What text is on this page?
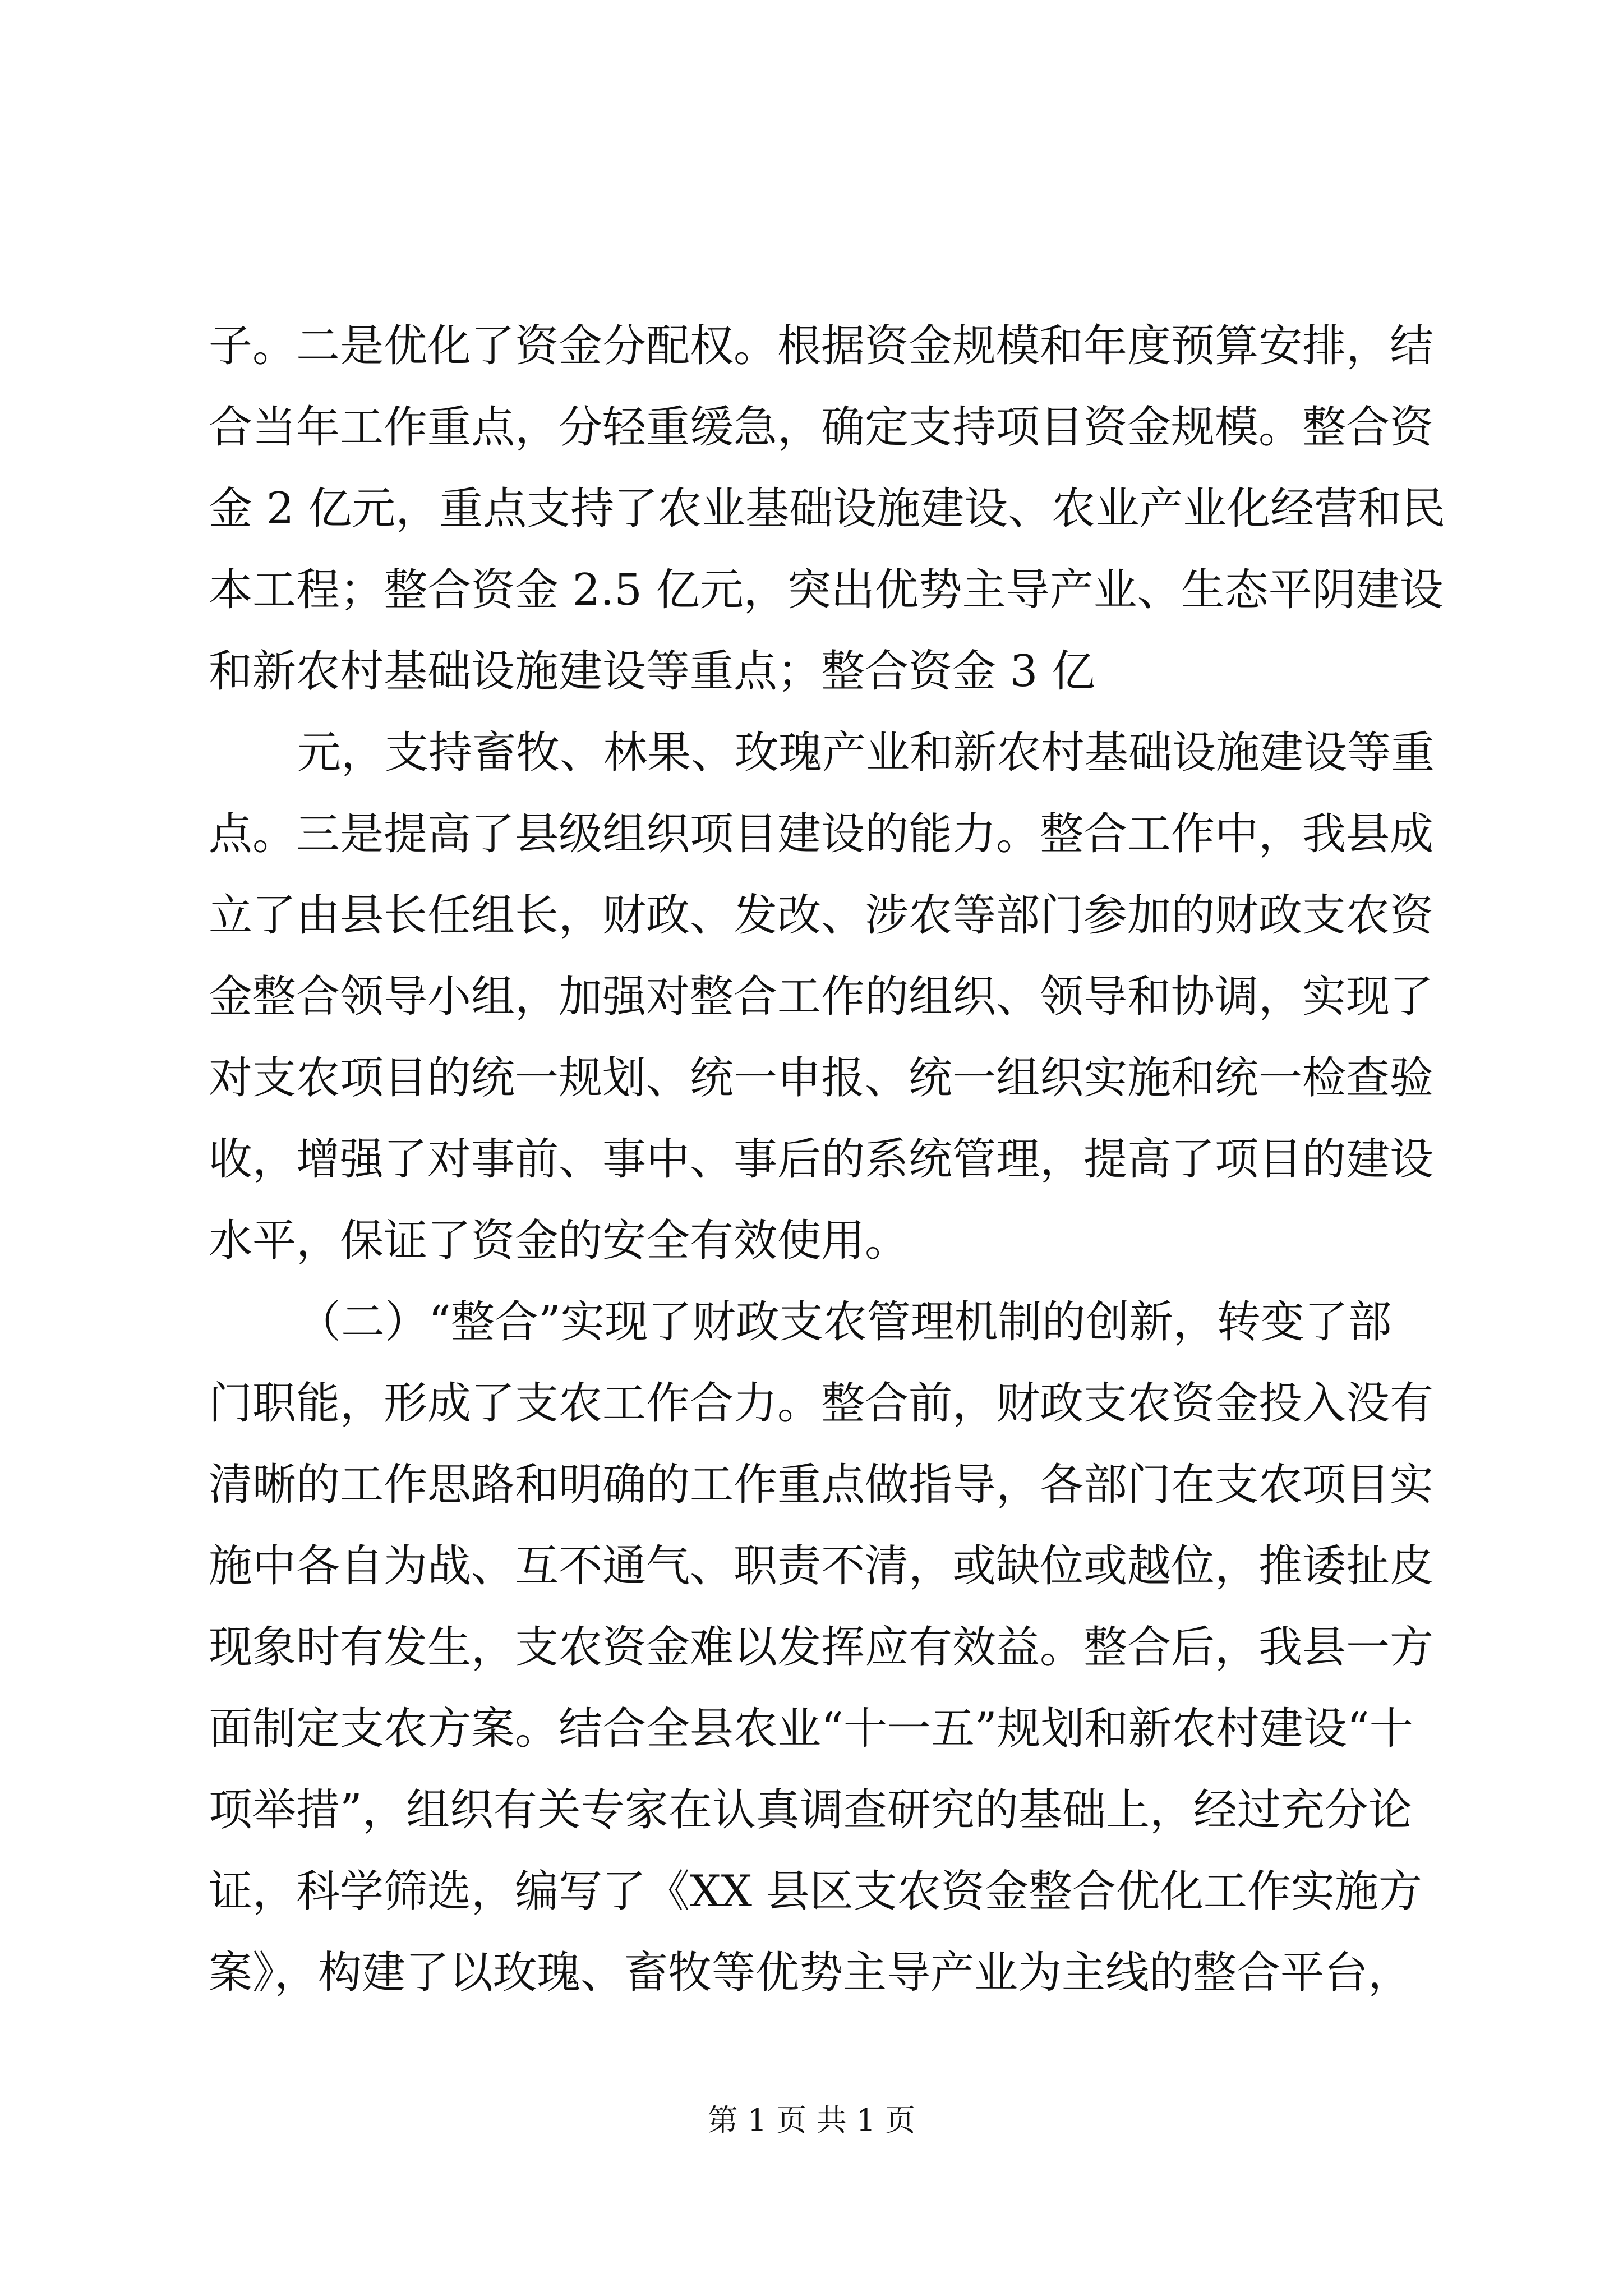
子。二是优化了资金分配权。根据资金规模和年度预算安排，结
合当年工作重点，分轻重缓急，确定支持项目资金规模。整合资
金 2 亿元，重点支持了农业基础设施建设、农业产业化经营和民
本工程；整合资金 2.5 亿元，突出优势主导产业、生态平阴建设
和新农村基础设施建设等重点；整合资金 3 亿
元，支持畜牧、林果、玫瑰产业和新农村基础设施建设等重
点。三是提高了县级组织项目建设的能力。整合工作中，我县成
立了由县长任组长，财政、发改、涉农等部门参加的财政支农资
金整合领导小组，加强对整合工作的组织、领导和协调，实现了
对支农项目的统一规划、统一申报、统一组织实施和统一检查验
收，增强了对事前、事中、事后的系统管理，提高了项目的建设
水平，保证了资金的安全有效使用。
（二）“整合”实现了财政支农管理机制的创新，转变了部
门职能，形成了支农工作合力。整合前，财政支农资金投入没有
清晰的工作思路和明确的工作重点做指导，各部门在支农项目实
施中各自为战、互不通气、职责不清，或缺位或越位，推诿扯皮
现象时有发生，支农资金难以发挥应有效益。整合后，我县一方
面制定支农方案。结合全县农业“十一五”规划和新农村建设“十
项举措”，组织有关专家在认真调查研究的基础上，经过充分论
证，科学筛选，编写了《XX 县区支农资金整合优化工作实施方
案》，构建了以玫瑰、畜牧等优势主导产业为主线的整合平台，
第 1 页 共 1 页
